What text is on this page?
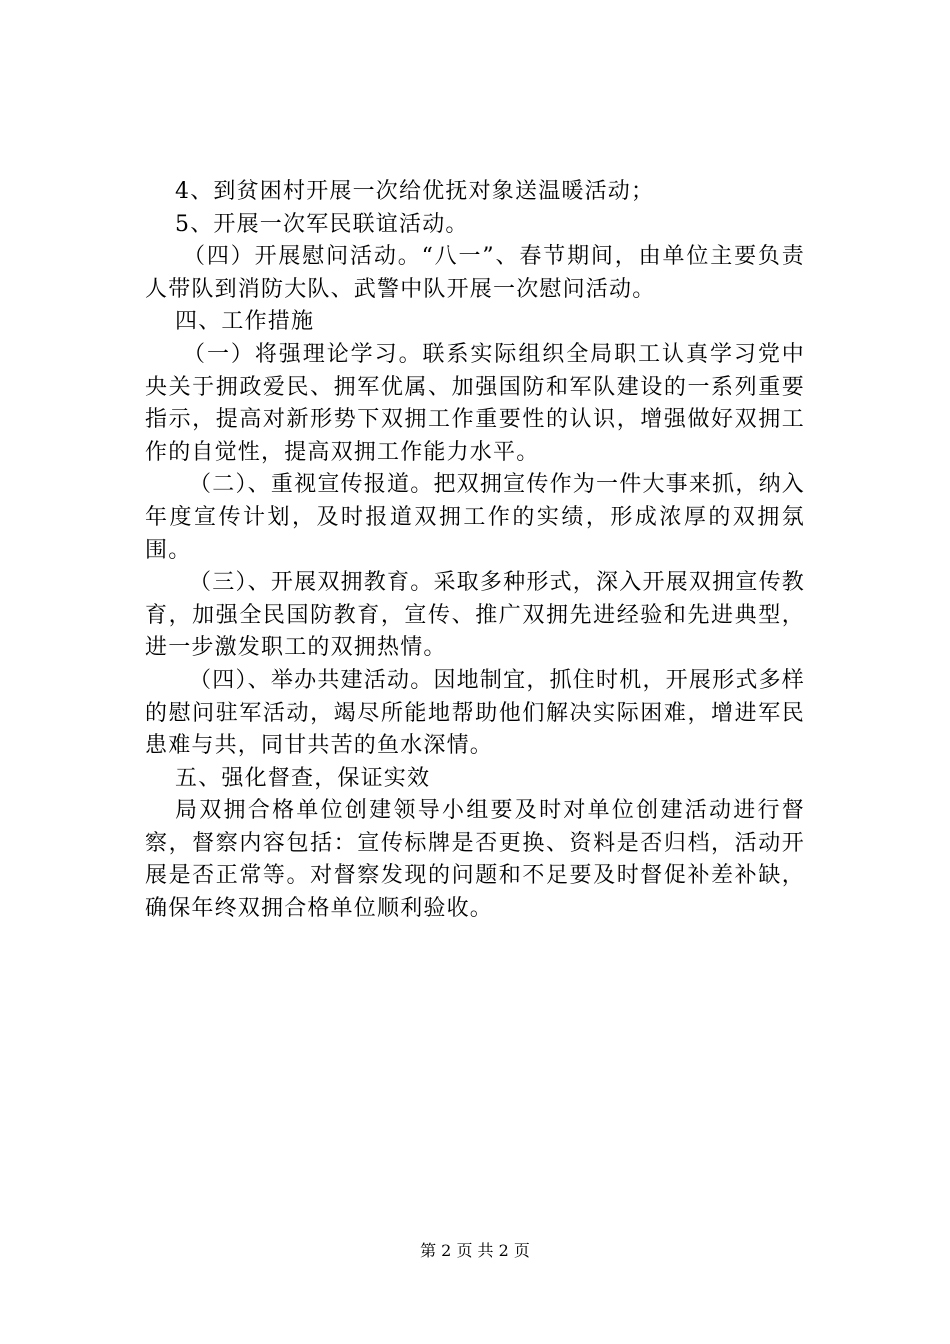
4、到贫困村开展一次给优抚对象送温暖活动；

5、开展一次军民联谊活动。

（四）开展慰问活动。“八一”、春节期间，由单位主要负责人带队到消防大队、武警中队开展一次慰问活动。

四、工作措施

（一）将强理论学习。联系实际组织全局职工认真学习党中央关于拥政爱民、拥军优属、加强国防和军队建设的一系列重要指示，提高对新形势下双拥工作重要性的认识，增强做好双拥工作的自觉性，提高双拥工作能力水平。

（二）、重视宣传报道。把双拥宣传作为一件大事来抓，纳入年度宣传计划，及时报道双拥工作的实绩，形成浓厚的双拥氛围。

（三）、开展双拥教育。采取多种形式，深入开展双拥宣传教育，加强全民国防教育，宣传、推广双拥先进经验和先进典型，进一步激发职工的双拥热情。

（四）、举办共建活动。因地制宜，抓住时机，开展形式多样的慰问驻军活动，竭尽所能地帮助他们解决实际困难，增进军民患难与共，同甘共苦的鱼水深情。

五、强化督查，保证实效

局双拥合格单位创建领导小组要及时对单位创建活动进行督察，督察内容包括：宣传标牌是否更换、资料是否归档，活动开展是否正常等。对督察发现的问题和不足要及时督促补差补缺，确保年终双拥合格单位顺利验收。

第 2 页 共 2 页
